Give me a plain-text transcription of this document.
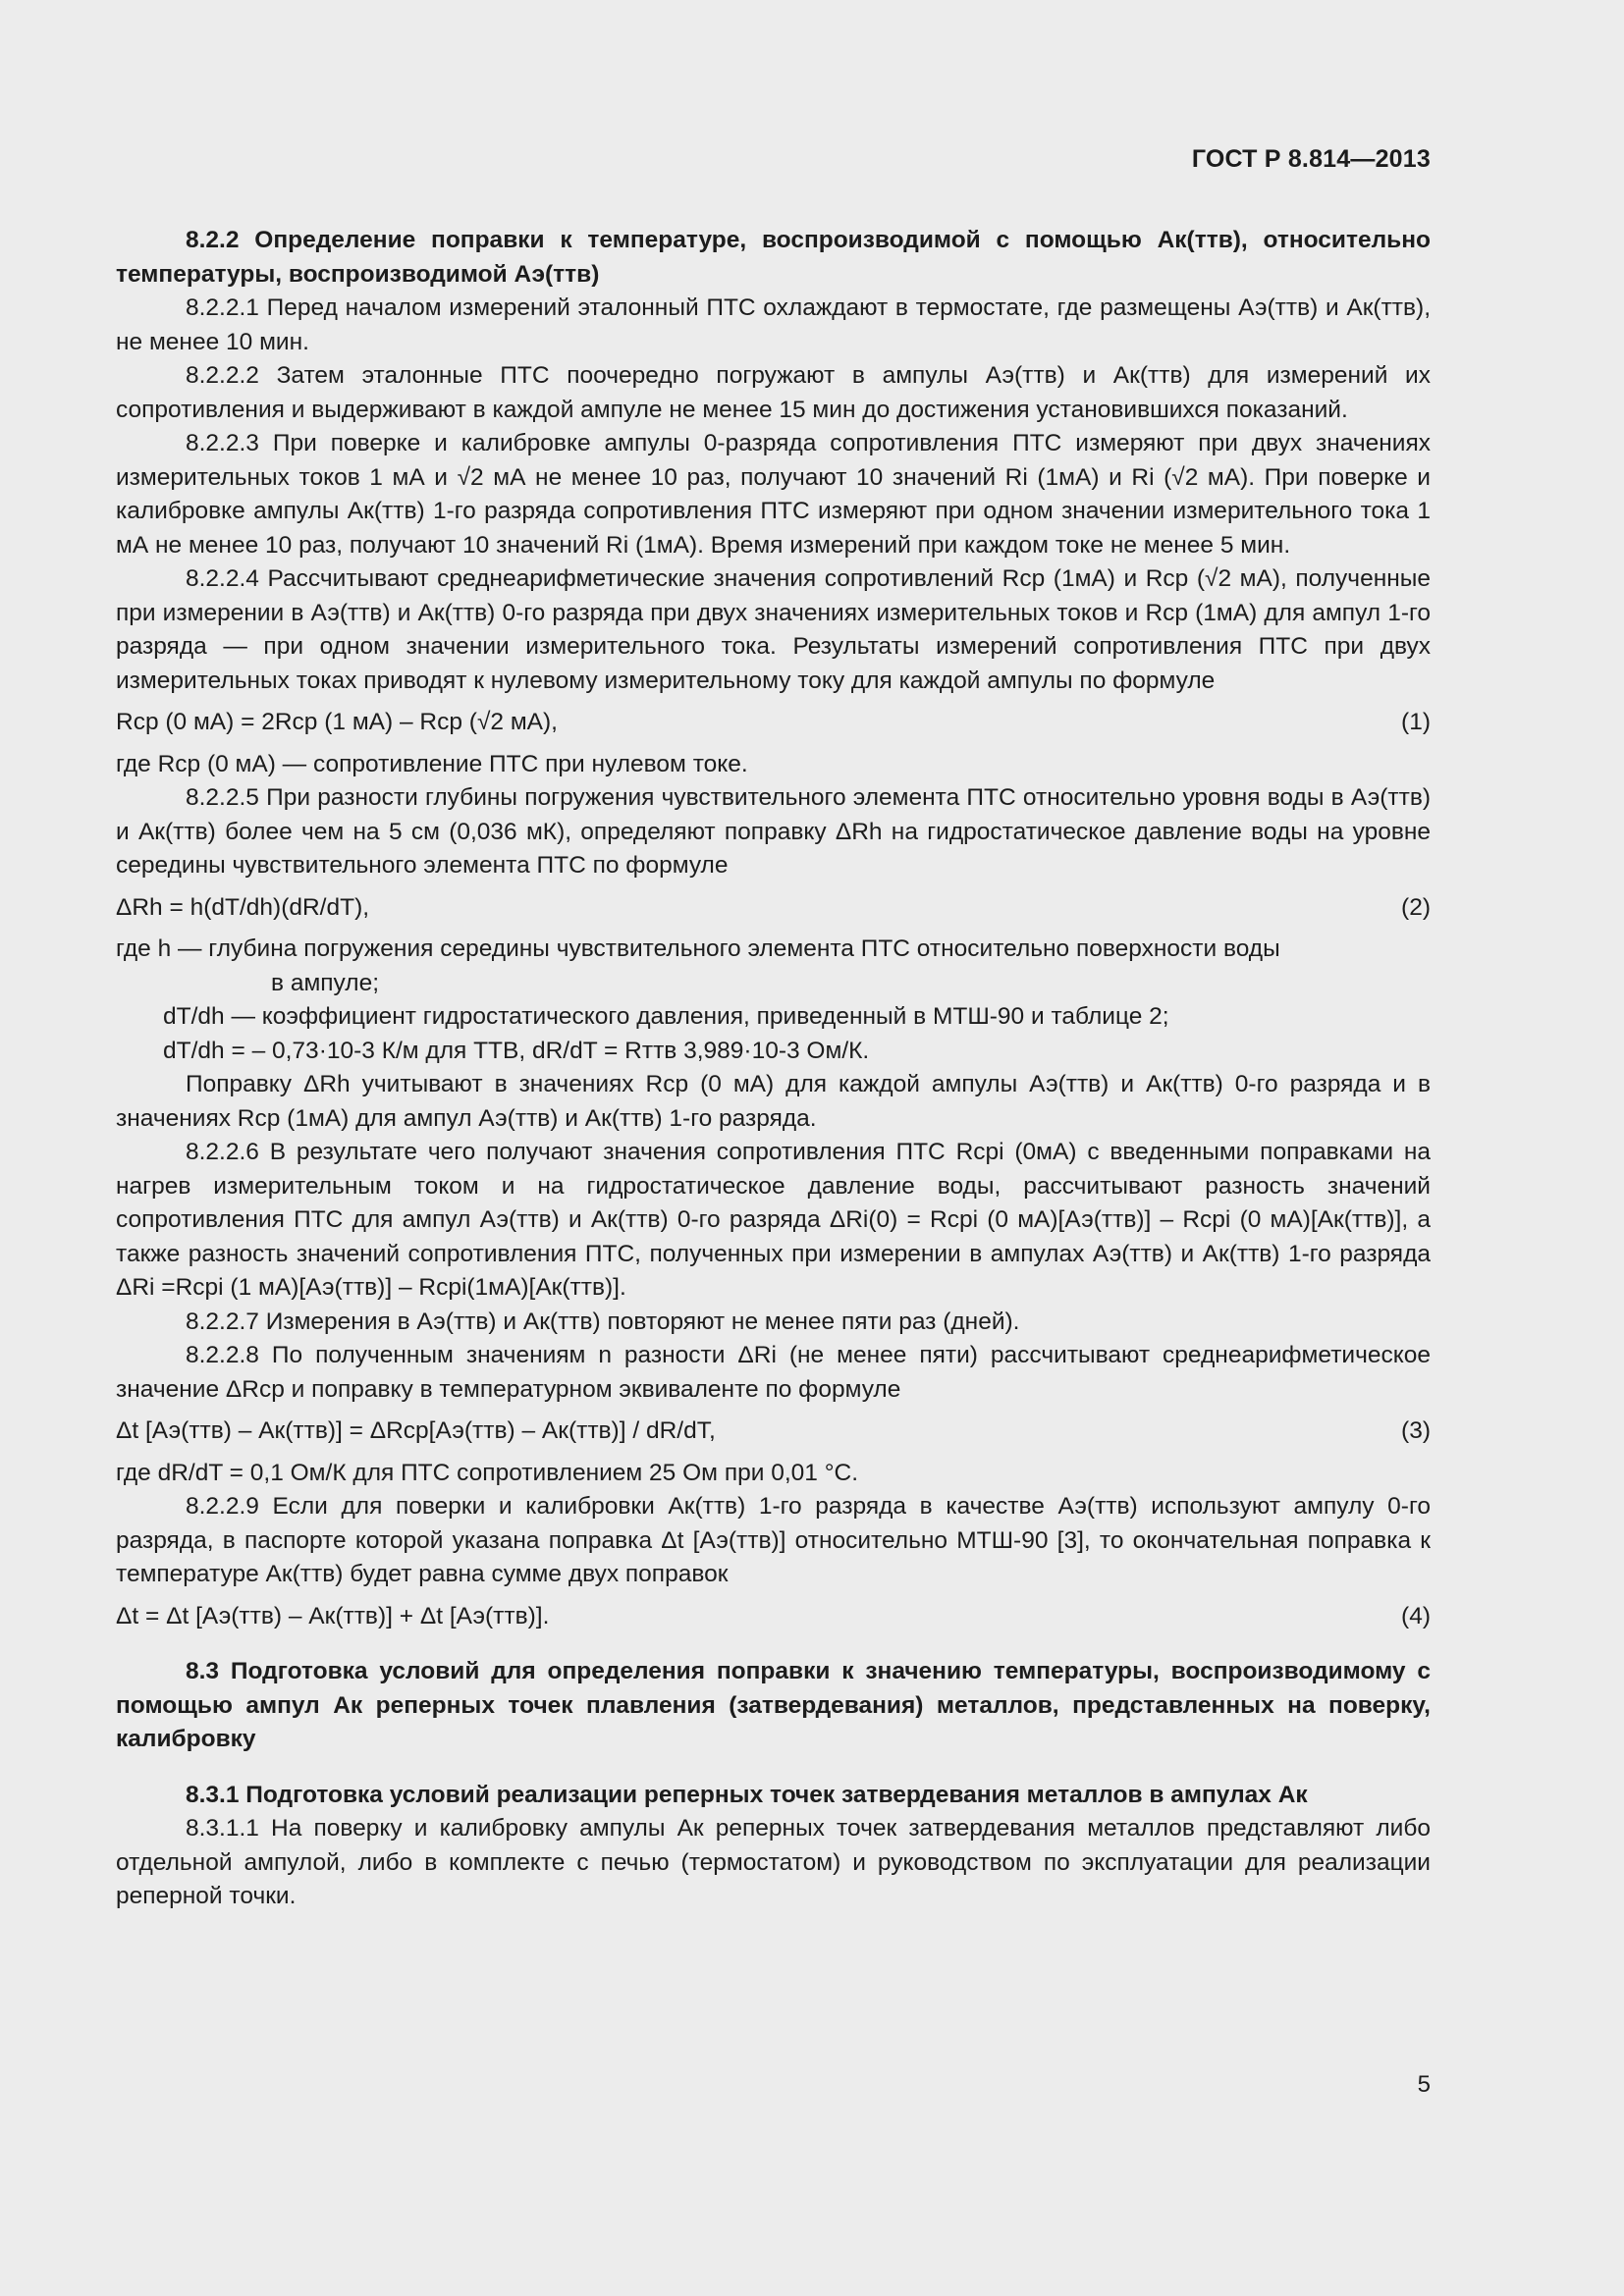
ГОСТ Р 8.814—2013

8.2.2 Определение поправки к температуре, воспроизводимой с помощью Ак(ттв), относительно температуры, воспроизводимой Аэ(ттв)

8.2.2.1 Перед началом измерений эталонный ПТС охлаждают в термостате, где размещены Аэ(ттв) и Ак(ттв), не менее 10 мин.

8.2.2.2 Затем эталонные ПТС поочередно погружают в ампулы Аэ(ттв) и Ак(ттв) для измерений их сопротивления и выдерживают в каждой ампуле не менее 15 мин до достижения установившихся показаний.

8.2.2.3 При поверке и калибровке ампулы 0-разряда сопротивления ПТС измеряют при двух значениях измерительных токов 1 мА и √2 мА не менее 10 раз, получают 10 значений Ri (1мА) и Ri (√2 мА). При поверке и калибровке ампулы Ак(ттв) 1-го разряда сопротивления ПТС измеряют при одном значении измерительного тока 1 мА не менее 10 раз, получают 10 значений Ri (1мА). Время измерений при каждом токе не менее 5 мин.

8.2.2.4 Рассчитывают среднеарифметические значения сопротивлений Rср (1мА) и Rср (√2 мА), полученные при измерении в Аэ(ттв) и Ак(ттв) 0-го разряда при двух значениях измерительных токов и Rср (1мА) для ампул 1-го разряда — при одном значении измерительного тока. Результаты измерений сопротивления ПТС при двух измерительных токах приводят к нулевому измерительному току для каждой ампулы по формуле

Rср (0 мА) = 2Rср (1 мА) – Rср (√2 мА),	(1)

где Rср (0 мА) — сопротивление ПТС при нулевом токе.

8.2.2.5 При разности глубины погружения чувствительного элемента ПТС относительно уровня воды в Аэ(ттв) и Ак(ттв) более чем на 5 см (0,036 мК), определяют поправку ΔRh на гидростатическое давление воды на уровне середины чувствительного элемента ПТС по формуле

ΔRh = h(dT/dh)(dR/dT),	(2)

где h — глубина погружения середины чувствительного элемента ПТС относительно поверхности воды

в ампуле;

dT/dh — коэффициент гидростатического давления, приведенный в МТШ-90 и таблице 2;

dT/dh = – 0,73·10-3 К/м для ТТВ, dR/dT = Rттв 3,989·10-3 Ом/К.

Поправку ΔRh учитывают в значениях Rср (0 мА) для каждой ампулы Аэ(ттв) и Ак(ттв) 0-го разряда и в значениях Rср (1мА) для ампул Аэ(ттв) и Ак(ттв) 1-го разряда.

8.2.2.6 В результате чего получают значения сопротивления ПТС Rсрi (0мА) с введенными поправками на нагрев измерительным током и на гидростатическое давление воды, рассчитывают разность значений сопротивления ПТС для ампул Аэ(ттв) и Ак(ттв) 0-го разряда ΔRi(0) = Rсрi (0 мА)[Аэ(ттв)] – Rсрi (0 мА)[Ак(ттв)], а также разность значений сопротивления ПТС, полученных при измерении в ампулах Аэ(ттв) и Ак(ттв) 1-го разряда ΔRi =Rсрi (1 мА)[Аэ(ттв)] – Rсрi(1мА)[Ак(ттв)].

8.2.2.7 Измерения в Аэ(ттв) и Ак(ттв) повторяют не менее пяти раз (дней).

8.2.2.8 По полученным значениям n разности ΔRi (не менее пяти) рассчитывают среднеарифметическое значение ΔRср и поправку в температурном эквиваленте по формуле

Δt [Аэ(ттв) – Ак(ттв)] = ΔRср[Аэ(ттв) – Ак(ттв)] / dR/dT,	(3)

где dR/dT = 0,1 Ом/К для ПТС сопротивлением 25 Ом при 0,01 °С.

8.2.2.9 Если для поверки и калибровки Ак(ттв) 1-го разряда в качестве Аэ(ттв) используют ампулу 0-го разряда, в паспорте которой указана поправка Δt [Аэ(ттв)] относительно МТШ-90 [3], то окончательная поправка к температуре Ак(ттв) будет равна сумме двух поправок

Δt = Δt [Аэ(ттв) – Ак(ттв)] + Δt [Аэ(ттв)].	(4)

8.3 Подготовка условий для определения поправки к значению температуры, воспроизводимому с помощью ампул Ак реперных точек плавления (затвердевания) металлов, представленных на поверку, калибровку

8.3.1 Подготовка условий реализации реперных точек затвердевания металлов в ампулах Ак

8.3.1.1 На поверку и калибровку ампулы Ак реперных точек затвердевания металлов представляют либо отдельной ампулой, либо в комплекте с печью (термостатом) и руководством по эксплуатации для реализации реперной точки.

5
